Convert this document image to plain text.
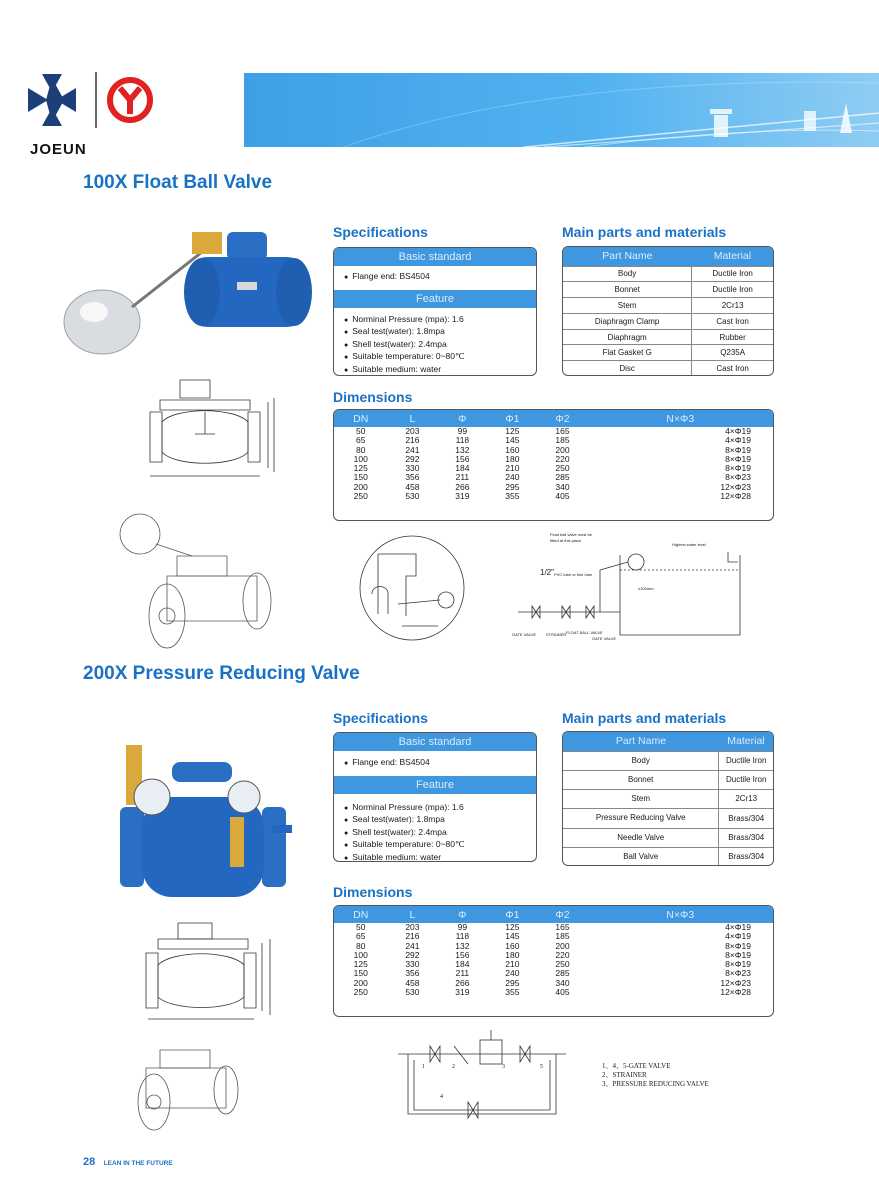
JOEUN
100X Float Ball Valve
Specifications
Basic standard
● Flange end: BS4504
Feature
● Norminal Pressure (mpa): 1.6
● Seal test(water): 1.8mpa
● Shell test(water): 2.4mpa
● Suitable temperature: 0~80℃
● Suitable medium: water
Main parts and materials
Part Name	Material
Body	Ductile Iron
Bonnet	Ductile Iron
Stem	2Cr13
Diaphragm Clamp	Cast Iron
Diaphragm	Rubber
Flat Gasket G	Q235A
Disc	Cast Iron
Dimensions
DN	L	Φ	Φ1	Φ2	N×Φ3
50	203	99	125	165	4×Φ19
65	216	118	145	185	4×Φ19
80	241	132	160	200	8×Φ19
100	292	156	180	220	8×Φ19
125	330	184	210	250	8×Φ19
150	356	211	240	285	8×Φ23
200	458	266	295	340	12×Φ23
250	530	319	355	405	12×Φ28
Float ball valve must be
fitted at this place
Highest water level
1/2" PVC tube or fine tube
≥100mm
GATE VALVE STRAINER FLOAT BALL VALVE
GATE VALVE
200X Pressure Reducing Valve
Specifications
Basic standard
● Flange end: BS4504
Feature
● Norminal Pressure (mpa): 1.6
● Seal test(water): 1.8mpa
● Shell test(water): 2.4mpa
● Suitable temperature: 0~80℃
● Suitable medium: water
Main parts and materials
Part Name	Material
Body	Ductile Iron
Bonnet	Ductile Iron
Stem	2Cr13
Pressure Reducing Valve	Brass/304
Needle Valve	Brass/304
Ball Valve	Brass/304
Dimensions
DN	L	Φ	Φ1	Φ2	N×Φ3
50	203	99	125	165	4×Φ19
65	216	118	145	185	4×Φ19
80	241	132	160	200	8×Φ19
100	292	156	180	220	8×Φ19
125	330	184	210	250	8×Φ19
150	356	211	240	285	8×Φ23
200	458	266	295	340	12×Φ23
250	530	319	355	405	12×Φ28
1	2	3
4
5	1、4、5-GATE VALVE
2、STRAINER
3、PRESSURE REDUCING VALVE
28 LEAN IN THE FUTURE
